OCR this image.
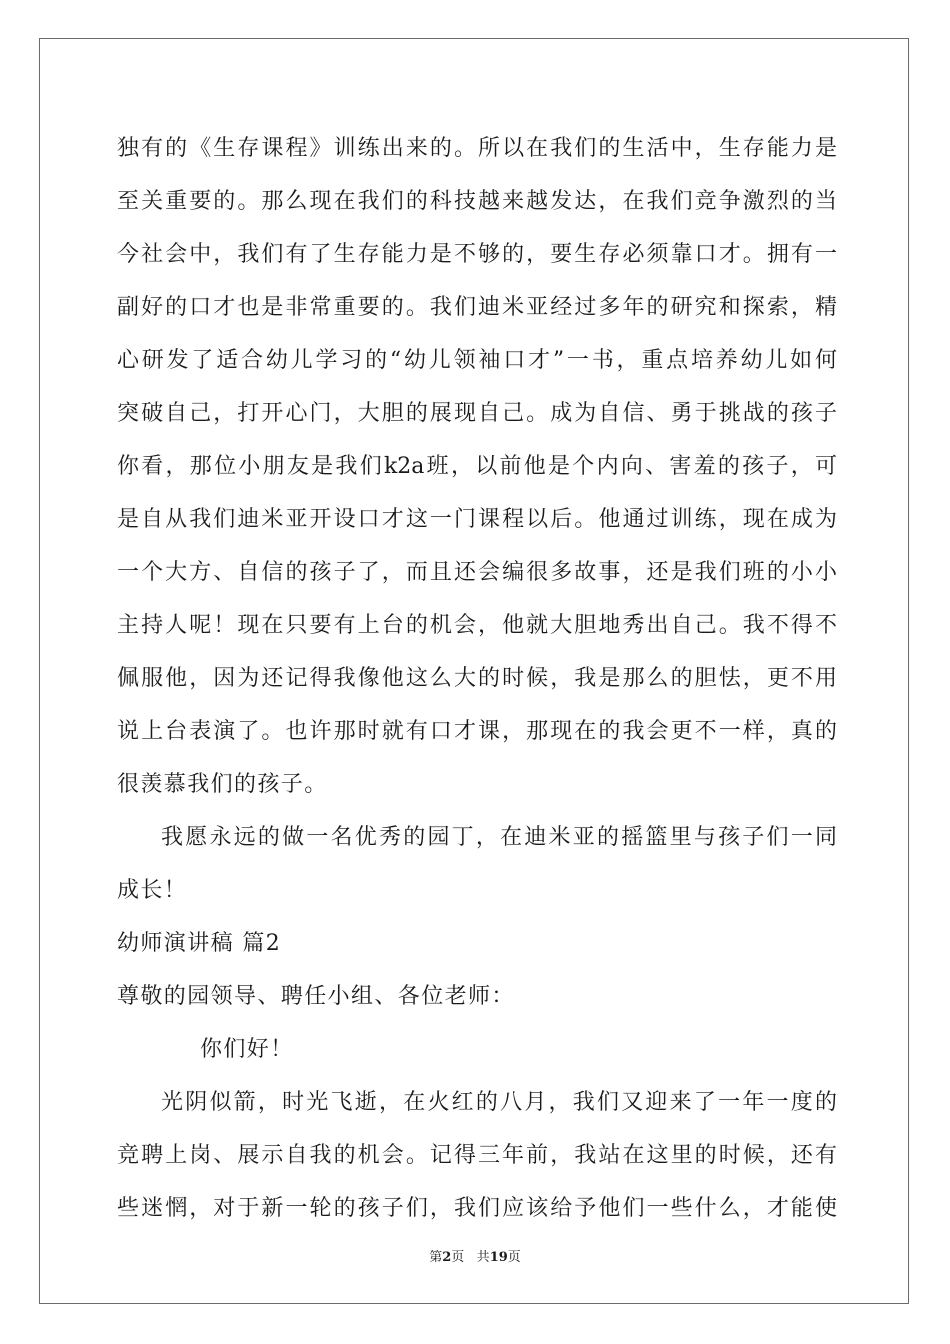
独有的《生存课程》训练出来的。所以在我们的生活中，生存能力是
至关重要的。那么现在我们的科技越来越发达，在我们竞争激烈的当
今社会中，我们有了生存能力是不够的，要生存必须靠口才。拥有一
副好的口才也是非常重要的。我们迪米亚经过多年的研究和探索，精
心研发了适合幼儿学习的“幼儿领袖口才”一书，重点培养幼儿如何
突破自己，打开心门，大胆的展现自己。成为自信、勇于挑战的孩子
你看，那位小朋友是我们k2a班，以前他是个内向、害羞的孩子，可
是自从我们迪米亚开设口才这一门课程以后。他通过训练，现在成为
一个大方、自信的孩子了，而且还会编很多故事，还是我们班的小小
主持人呢！现在只要有上台的机会，他就大胆地秀出自己。我不得不
佩服他，因为还记得我像他这么大的时候，我是那么的胆怯，更不用
说上台表演了。也许那时就有口才课，那现在的我会更不一样，真的
很羡慕我们的孩子。
我愿永远的做一名优秀的园丁，在迪米亚的摇篮里与孩子们一同
成长！
幼师演讲稿 篇2
尊敬的园领导、聘任小组、各位老师：
你们好！
光阴似箭，时光飞逝，在火红的八月，我们又迎来了一年一度的
竞聘上岗、展示自我的机会。记得三年前，我站在这里的时候，还有
些迷惘，对于新一轮的孩子们，我们应该给予他们一些什么，才能使
第2页 共19页
